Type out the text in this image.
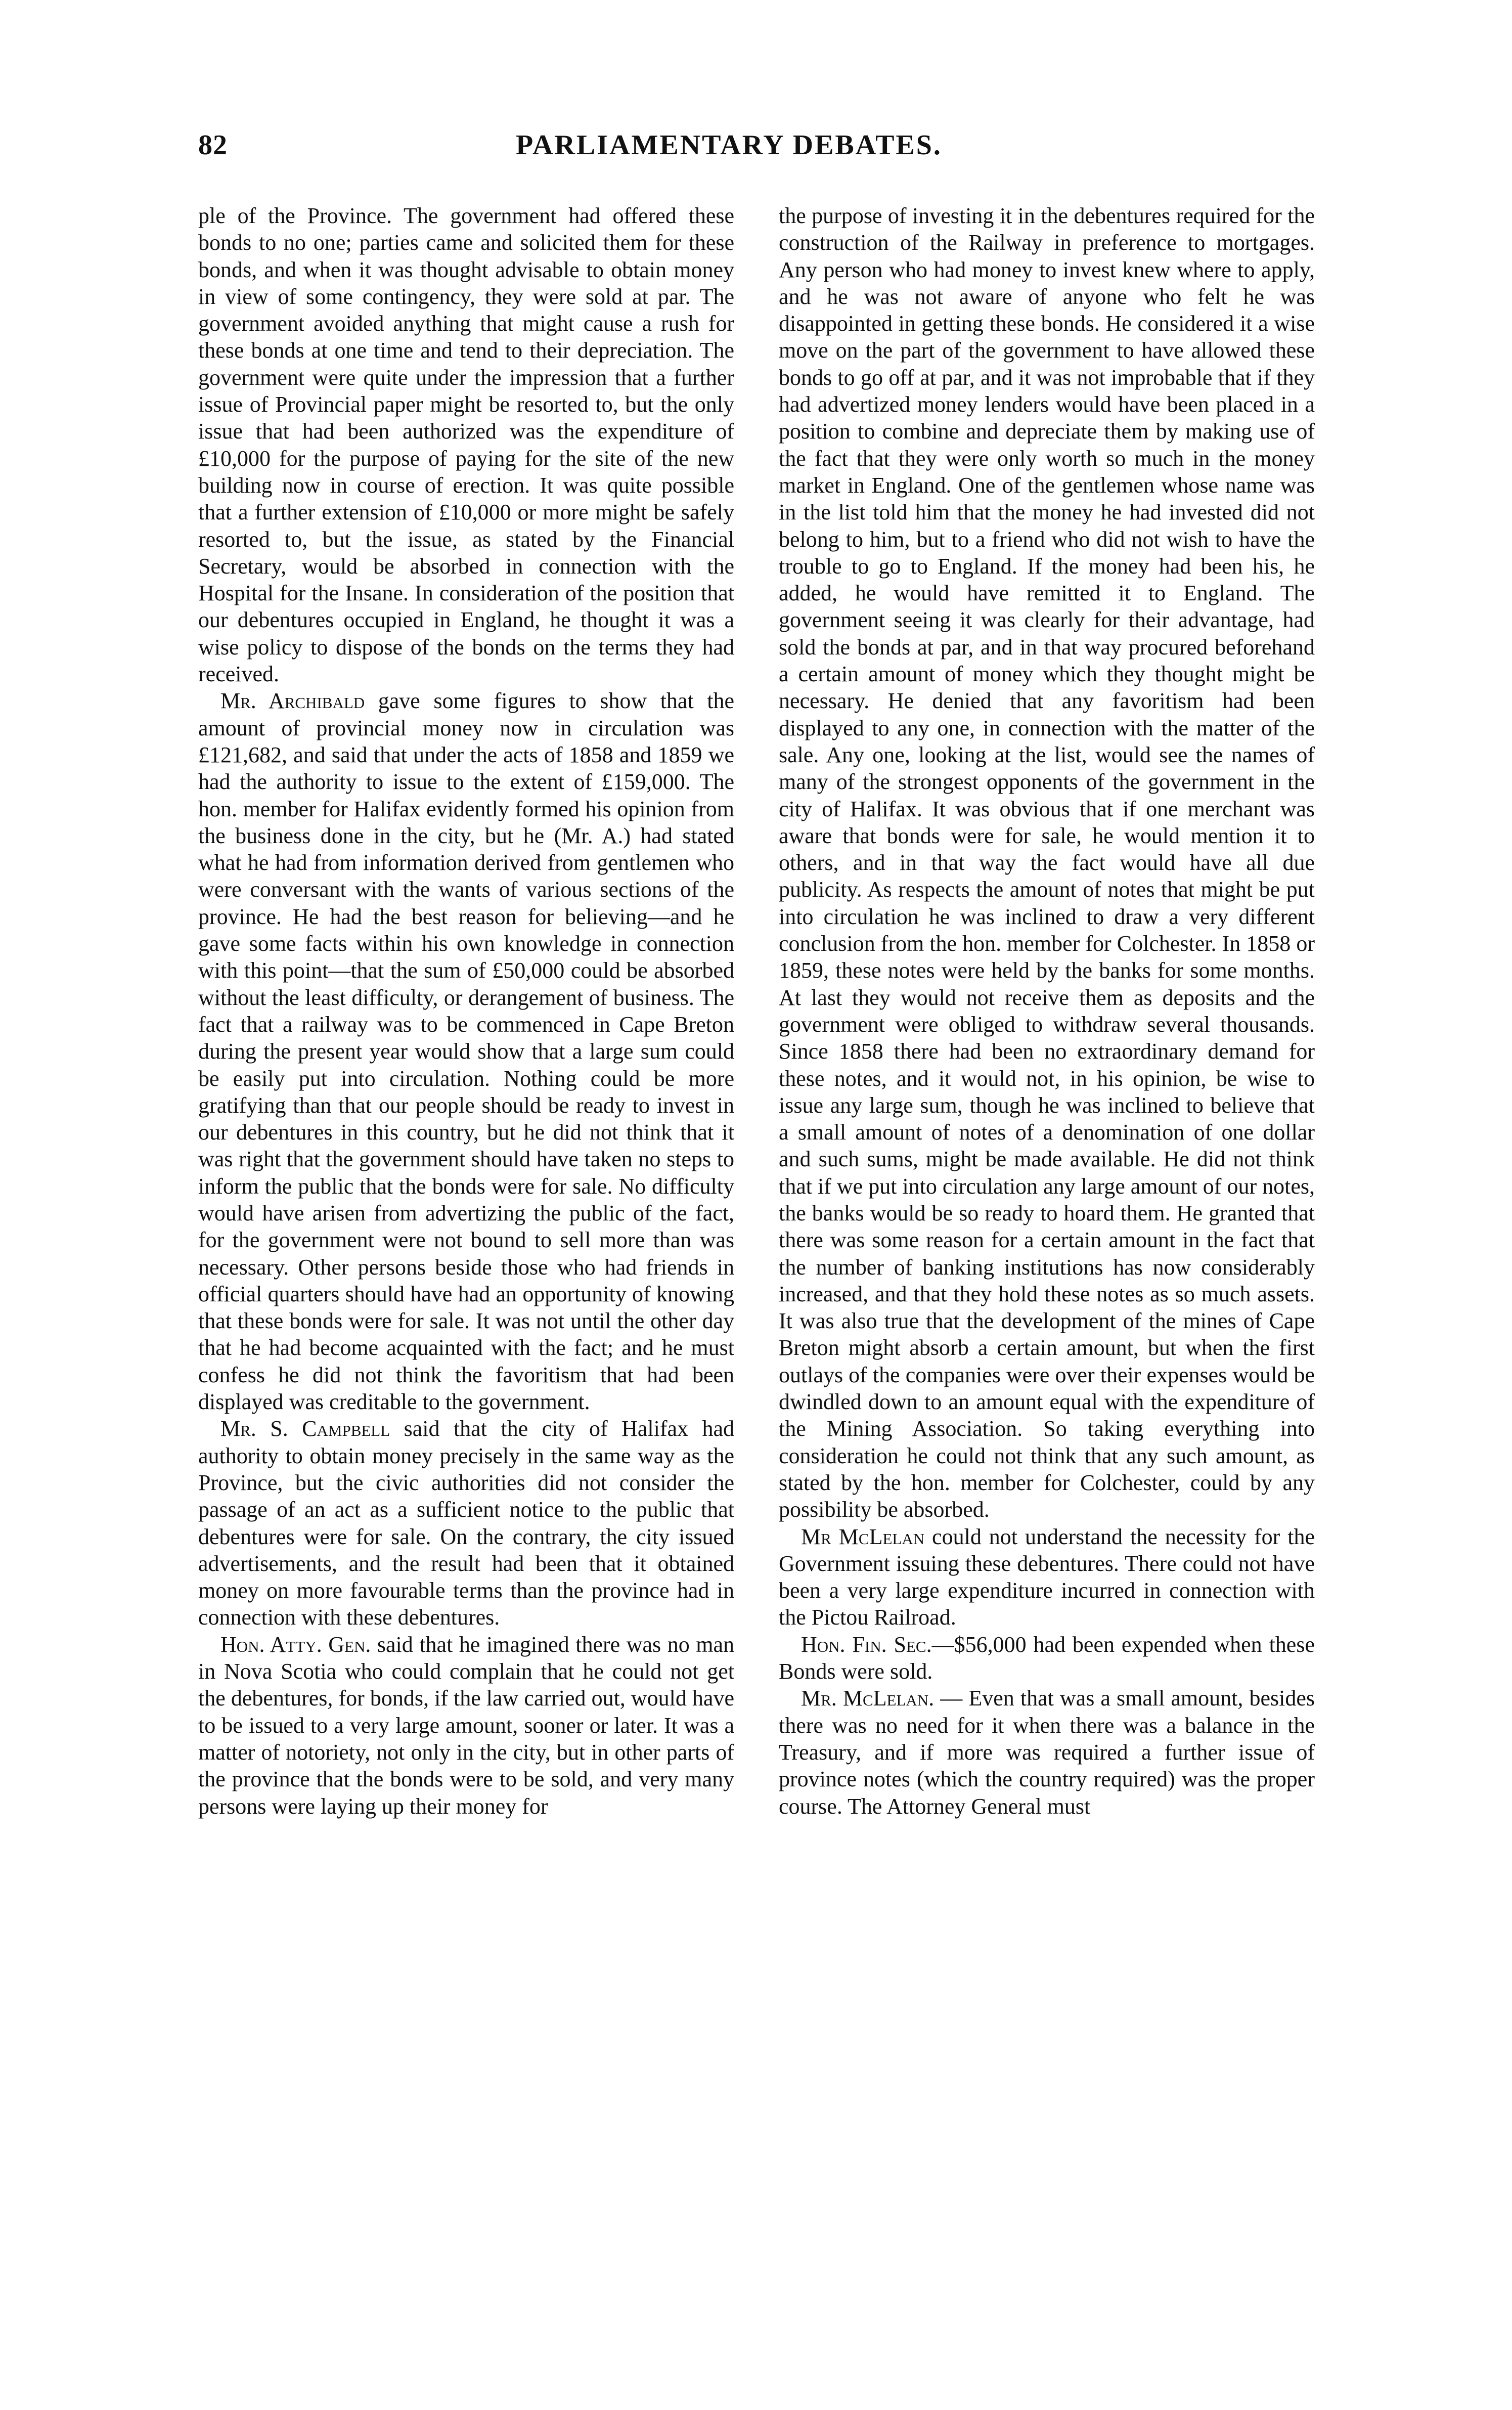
82	PARLIAMENTARY DEBATES.

ple of the Province. The government had offered these bonds to no one; parties came and solicited them for these bonds, and when it was thought advisable to obtain money in view of some contingency, they were sold at par. The government avoided anything that might cause a rush for these bonds at one time and tend to their depreciation. The government were quite under the impression that a further issue of Provincial paper might be resorted to, but the only issue that had been authorized was the expenditure of £10,000 for the purpose of paying for the site of the new building now in course of erection. It was quite possible that a further extension of £10,000 or more might be safely resorted to, but the issue, as stated by the Financial Secretary, would be absorbed in connection with the Hospital for the Insane. In consideration of the position that our debentures occupied in England, he thought it was a wise policy to dispose of the bonds on the terms they had received.

Mr. Archibald gave some figures to show that the amount of provincial money now in circulation was £121,682, and said that under the acts of 1858 and 1859 we had the authority to issue to the extent of £159,000. The hon. member for Halifax evidently formed his opinion from the business done in the city, but he (Mr. A.) had stated what he had from information derived from gentlemen who were conversant with the wants of various sections of the province. He had the best reason for believing—and he gave some facts within his own knowledge in connection with this point—that the sum of £50,000 could be absorbed without the least difficulty, or derangement of business. The fact that a railway was to be commenced in Cape Breton during the present year would show that a large sum could be easily put into circulation. Nothing could be more gratifying than that our people should be ready to invest in our debentures in this country, but he did not think that it was right that the government should have taken no steps to inform the public that the bonds were for sale. No difficulty would have arisen from advertizing the public of the fact, for the government were not bound to sell more than was necessary. Other persons beside those who had friends in official quarters should have had an opportunity of knowing that these bonds were for sale. It was not until the other day that he had become acquainted with the fact; and he must confess he did not think the favoritism that had been displayed was creditable to the government.

Mr. S. Campbell said that the city of Halifax had authority to obtain money precisely in the same way as the Province, but the civic authorities did not consider the passage of an act as a sufficient notice to the public that debentures were for sale. On the contrary, the city issued advertisements, and the result had been that it obtained money on more favourable terms than the province had in connection with these debentures.

Hon. Atty. Gen. said that he imagined there was no man in Nova Scotia who could complain that he could not get the debentures, for bonds, if the law carried out, would have to be issued to a very large amount, sooner or later. It was a matter of notoriety, not only in the city, but in other parts of the province that the bonds were to be sold, and very many persons were laying up their money for

the purpose of investing it in the debentures required for the construction of the Railway in preference to mortgages. Any person who had money to invest knew where to apply, and he was not aware of anyone who felt he was disappointed in getting these bonds. He considered it a wise move on the part of the government to have allowed these bonds to go off at par, and it was not improbable that if they had advertized money lenders would have been placed in a position to combine and depreciate them by making use of the fact that they were only worth so much in the money market in England. One of the gentlemen whose name was in the list told him that the money he had invested did not belong to him, but to a friend who did not wish to have the trouble to go to England. If the money had been his, he added, he would have remitted it to England. The government seeing it was clearly for their advantage, had sold the bonds at par, and in that way procured beforehand a certain amount of money which they thought might be necessary. He denied that any favoritism had been displayed to any one, in connection with the matter of the sale. Any one, looking at the list, would see the names of many of the strongest opponents of the government in the city of Halifax. It was obvious that if one merchant was aware that bonds were for sale, he would mention it to others, and in that way the fact would have all due publicity. As respects the amount of notes that might be put into circulation he was inclined to draw a very different conclusion from the hon. member for Colchester. In 1858 or 1859, these notes were held by the banks for some months. At last they would not receive them as deposits and the government were obliged to withdraw several thousands. Since 1858 there had been no extraordinary demand for these notes, and it would not, in his opinion, be wise to issue any large sum, though he was inclined to believe that a small amount of notes of a denomination of one dollar and such sums, might be made available. He did not think that if we put into circulation any large amount of our notes, the banks would be so ready to hoard them. He granted that there was some reason for a certain amount in the fact that the number of banking institutions has now considerably increased, and that they hold these notes as so much assets. It was also true that the development of the mines of Cape Breton might absorb a certain amount, but when the first outlays of the companies were over their expenses would be dwindled down to an amount equal with the expenditure of the Mining Association. So taking everything into consideration he could not think that any such amount, as stated by the hon. member for Colchester, could by any possibility be absorbed.

Mr McLelan could not understand the necessity for the Government issuing these debentures. There could not have been a very large expenditure incurred in connection with the Pictou Railroad.

Hon. Fin. Sec.—$56,000 had been expended when these Bonds were sold.

Mr. McLelan. — Even that was a small amount, besides there was no need for it when there was a balance in the Treasury, and if more was required a further issue of province notes (which the country required) was the proper course. The Attorney General must
